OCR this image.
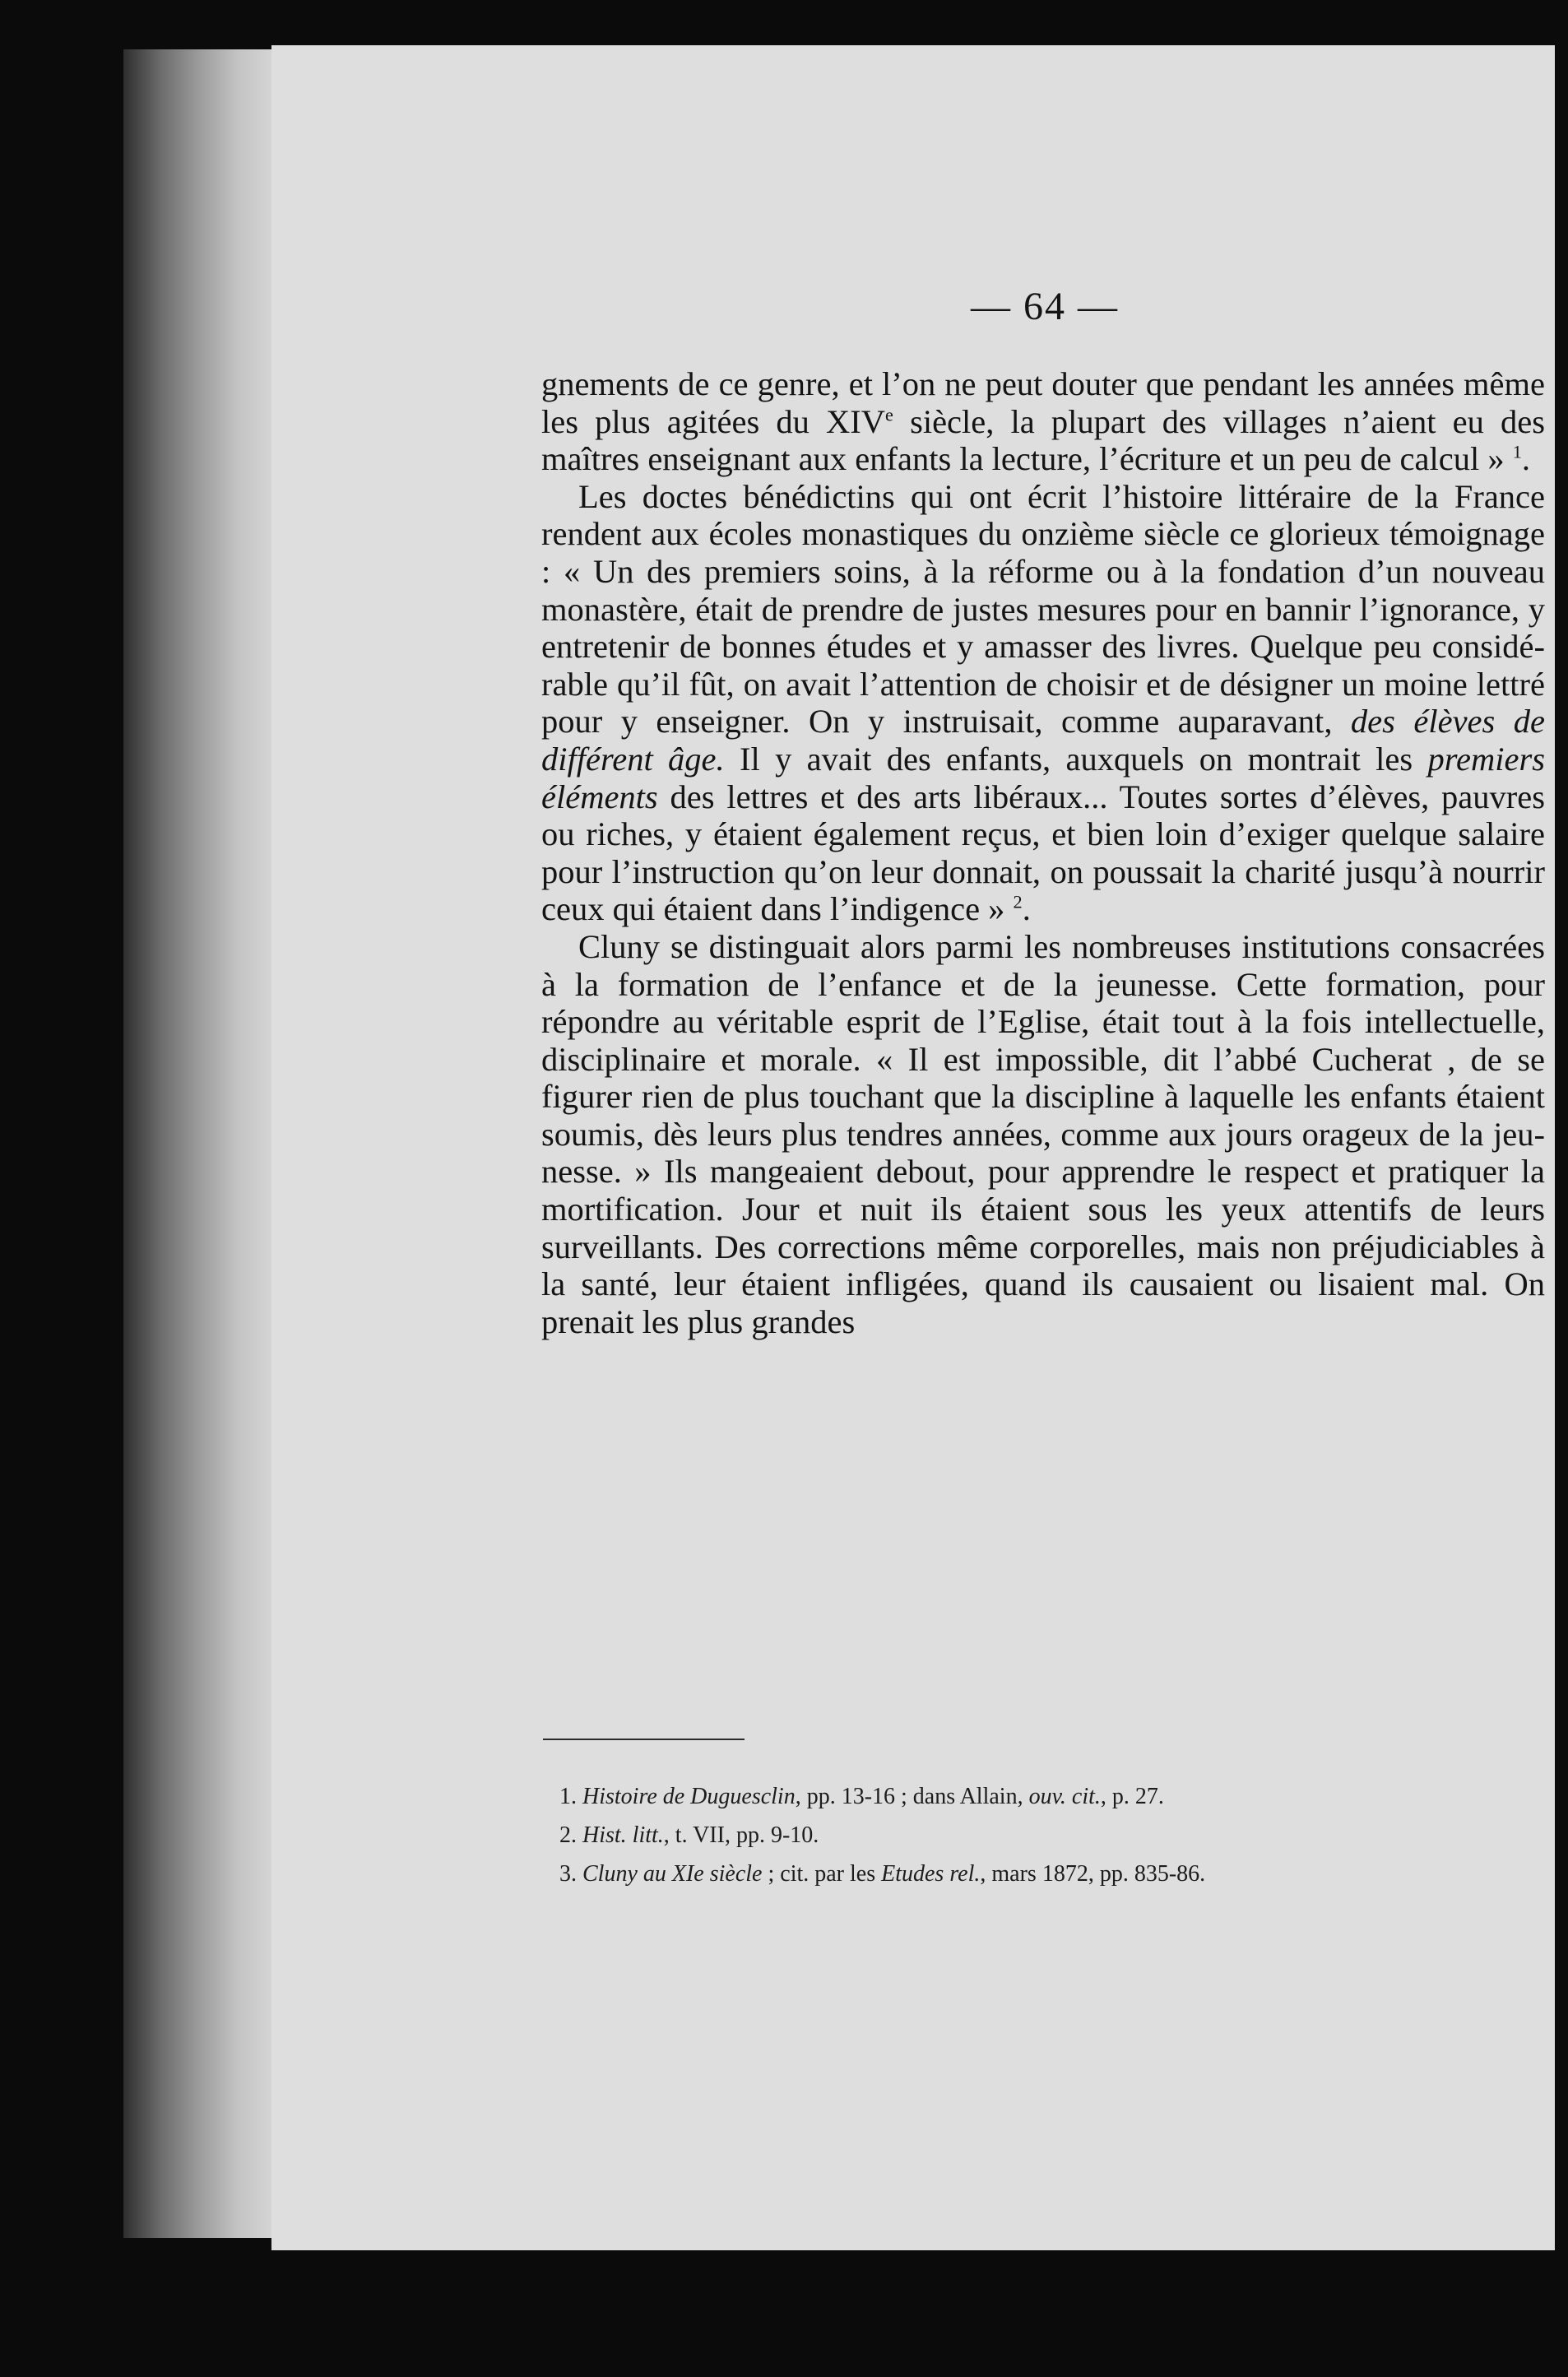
— 64 —

gnements de ce genre, et l’on ne peut douter que pendant les années même les plus agitées du XIVe siècle, la plupart des villages n’aient eu des maîtres enseignant aux enfants la lecture, l’écriture et un peu de calcul » $^1$.

Les doctes bénédictins qui ont écrit l’histoire littéraire de la France rendent aux écoles monastiques du onzième siècle ce glorieux témoignage : « Un des premiers soins, à la réforme ou à la fondation d’un nouveau monastère, était de prendre de justes mesures pour en bannir l’ignorance, y entretenir de bonnes études et y amasser des livres. Quelque peu considérable qu’il fût, on avait l’attention de choisir et de désigner un moine lettré pour y enseigner. On y instruisait, comme auparavant, des élèves de différent âge. Il y avait des enfants, auxquels on montrait les premiers éléments des lettres et des arts libéraux... Toutes sortes d’élèves, pauvres ou riches, y étaient également reçus, et bien loin d’exiger quelque salaire pour l’instruction qu’on leur donnait, on poussait la charité jusqu’à nourrir ceux qui étaient dans l’indigence » $^2$.

Cluny se distinguait alors parmi les nombreuses institutions consacrées à la formation de l’enfance et de la jeunesse. Cette formation, pour répondre au véritable esprit de l’Eglise, était tout à la fois intellectuelle, disciplinaire et morale. « Il est impossible, dit l’abbé Cucherat , de se figurer rien de plus touchant que la discipline à laquelle les enfants étaient soumis, dès leurs plus tendres années, comme aux jours orageux de la jeunesse. » Ils mangeaient debout, pour apprendre le respect et pratiquer la mortification. Jour et nuit ils étaient sous les yeux attentifs de leurs surveillants. Des corrections même corporelles, mais non préjudiciables à la santé, leur étaient infligées, quand ils causaient ou lisaient mal. On prenait les plus grandes

1. Histoire de Duguesclin, pp. 13-16 ; dans Allain, ouv. cit., p. 27.
2. Hist. litt., t. VII, pp. 9-10.
3. Cluny au XIe siècle ; cit. par les Etudes rel., mars 1872, pp. 835-86.
